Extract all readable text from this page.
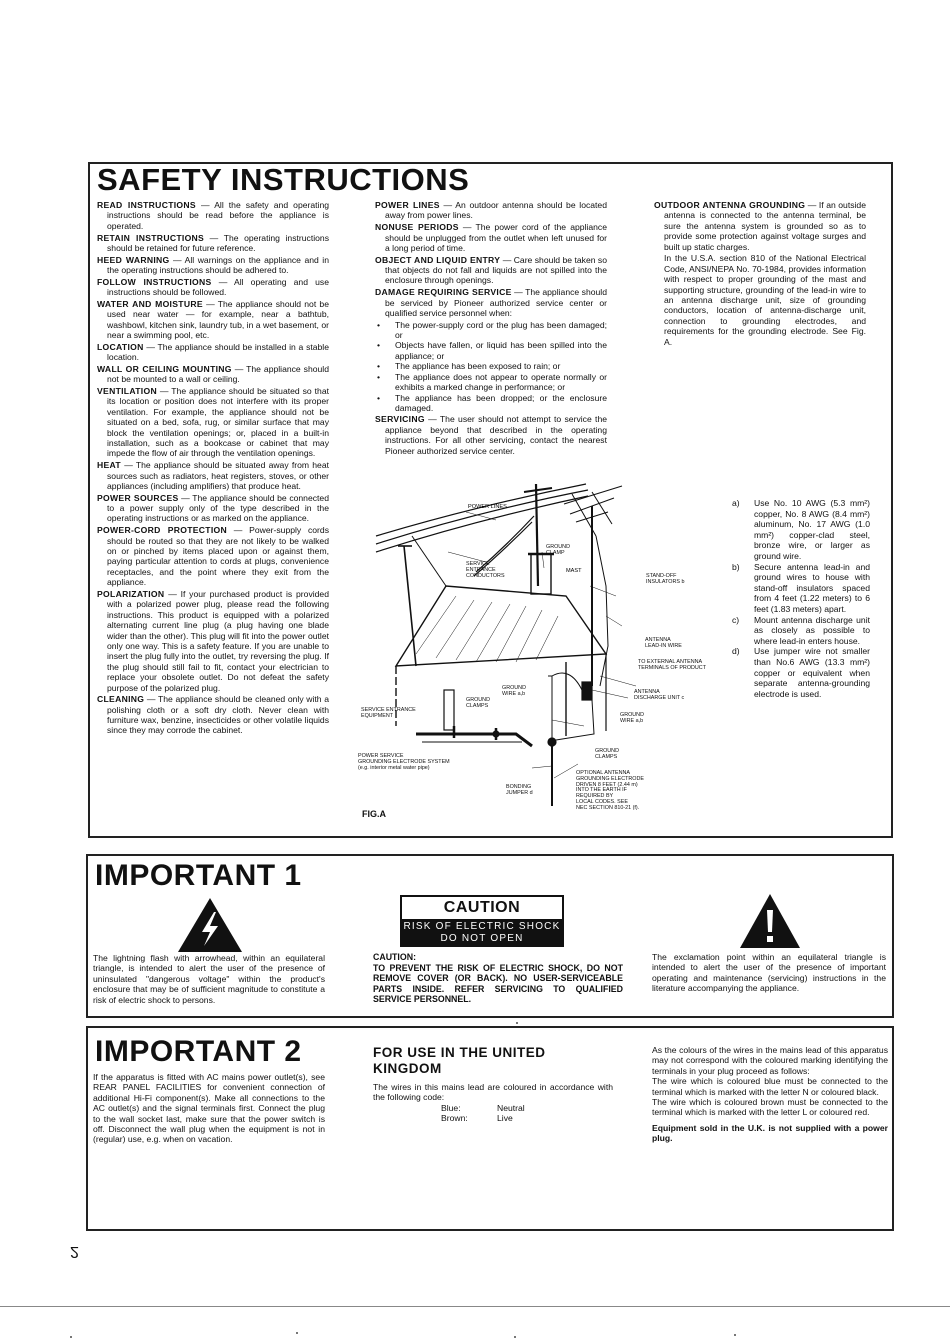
SAFETY INSTRUCTIONS
READ INSTRUCTIONS — All the safety and operating instructions should be read before the appliance is operated.
RETAIN INSTRUCTIONS — The operating instructions should be retained for future reference.
HEED WARNING — All warnings on the appliance and in the operating instructions should be adhered to.
FOLLOW INSTRUCTIONS — All operating and use instructions should be followed.
WATER AND MOISTURE — The appliance should not be used near water — for example, near a bathtub, washbowl, kitchen sink, laundry tub, in a wet basement, or near a swimming pool, etc.
LOCATION — The appliance should be installed in a stable location.
WALL OR CEILING MOUNTING — The appliance should not be mounted to a wall or ceiling.
VENTILATION — The appliance should be situated so that its location or position does not interfere with its proper ventilation. For example, the appliance should not be situated on a bed, sofa, rug, or similar surface that may block the ventilation openings; or, placed in a built-in installation, such as a bookcase or cabinet that may impede the flow of air through the ventilation openings.
HEAT — The appliance should be situated away from heat sources such as radiators, heat registers, stoves, or other appliances (including amplifiers) that produce heat.
POWER SOURCES — The appliance should be connected to a power supply only of the type described in the operating instructions or as marked on the appliance.
POWER-CORD PROTECTION — Power-supply cords should be routed so that they are not likely to be walked on or pinched by items placed upon or against them, paying particular attention to cords at plugs, convenience receptacles, and the point where they exit from the appliance.
POLARIZATION — If your purchased product is provided with a polarized power plug, please read the following instructions. This product is equipped with a polarized alternating current line plug (a plug having one blade wider than the other). This plug will fit into the power outlet only one way. This is a safety feature. If you are unable to insert the plug fully into the outlet, try reversing the plug. If the plug should still fail to fit, contact your electrician to replace your obsolete outlet. Do not defeat the safety purpose of the polarized plug.
CLEANING — The appliance should be cleaned only with a polishing cloth or a soft dry cloth. Never clean with furniture wax, benzine, insecticides or other volatile liquids since they may corrode the cabinet.
POWER LINES — An outdoor antenna should be located away from power lines.
NONUSE PERIODS — The power cord of the appliance should be unplugged from the outlet when left unused for a long period of time.
OBJECT AND LIQUID ENTRY — Care should be taken so that objects do not fall and liquids are not spilled into the enclosure through openings.
DAMAGE REQUIRING SERVICE — The appliance should be serviced by Pioneer authorized service center or qualified service personnel when:
• The power-supply cord or the plug has been damaged; or
• Objects have fallen, or liquid has been spilled into the appliance; or
• The appliance has been exposed to rain; or
• The appliance does not appear to operate normally or exhibits a marked change in performance; or
• The appliance has been dropped; or the enclosure damaged.
SERVICING — The user should not attempt to service the appliance beyond that described in the operating instructions. For all other servicing, contact the nearest Pioneer authorized service center.
OUTDOOR ANTENNA GROUNDING — If an outside antenna is connected to the antenna terminal, be sure the antenna system is grounded so as to provide some protection against voltage surges and built up static charges.
In the U.S.A. section 810 of the National Electrical Code, ANSI/NEPA No. 70-1984, provides information with respect to proper grounding of the mast and supporting structure, grounding of the lead-in wire to an antenna discharge unit, size of grounding conductors, location of antenna-discharge unit, connection to grounding electrodes, and requirements for the grounding electrode. See Fig. A.
POWER LINES
MAST
SERVICE
ENTRANCE
CONDUCTORS
GROUND
CLAMP
STAND-OFF
INSULATORS b
ANTENNA
LEAD-IN WIRE
TO EXTERNAL ANTENNA
TERMINALS OF PRODUCT
GROUND
WIRE a,b
GROUND
CLAMPS
ANTENNA
DISCHARGE UNIT c
GROUND
WIRE a,b
SERVICE ENTRANCE
EQUIPMENT
GROUND
CLAMPS
POWER SERVICE
GROUNDING ELECTRODE SYSTEM
(e.g. interior metal water pipe)
BONDING
JUMPER d
OPTIONAL ANTENNA
GROUNDING ELECTRODE
DRIVEN 8 FEET (2.44 m)
INTO THE EARTH IF
REQUIRED BY
LOCAL CODES. SEE
NEC SECTION 810-21 (f).
FIG.A
a)	Use No. 10 AWG (5.3 mm²) copper, No. 8 AWG (8.4 mm²) aluminum, No. 17 AWG (1.0 mm²) copper-clad steel, bronze wire, or larger as ground wire.
b)	Secure antenna lead-in and ground wires to house with stand-off insulators spaced from 4 feet (1.22 meters) to 6 feet (1.83 meters) apart.
c)	Mount antenna discharge unit as closely as possible to where lead-in enters house.
d)	Use jumper wire not smaller than No.6 AWG (13.3 mm²) copper or equivalent when separate antenna-grounding electrode is used.
IMPORTANT 1
The lightning flash with arrowhead, within an equilateral triangle, is intended to alert the user of the presence of uninsulated "dangerous voltage" within the product's enclosure that may be of sufficient magnitude to constitute a risk of electric shock to persons.
CAUTION
RISK OF ELECTRIC SHOCK
DO NOT OPEN
CAUTION:
TO PREVENT THE RISK OF ELECTRIC SHOCK, DO NOT REMOVE COVER (OR BACK). NO USER-SERVICEABLE PARTS INSIDE. REFER SERVICING TO QUALIFIED SERVICE PERSONNEL.
The exclamation point within an equilateral triangle is intended to alert the user of the presence of important operating and maintenance (servicing) instructions in the literature accompanying the appliance.
IMPORTANT 2
If the apparatus is fitted with AC mains power outlet(s), see REAR PANEL FACILITIES for convenient connection of additional Hi-Fi component(s). Make all connections to the AC outlet(s) and the signal terminals first. Connect the plug to the wall socket last, make sure that the power switch is off. Disconnect the wall plug when the equipment is not in (regular) use, e.g. when on vacation.
FOR USE IN THE UNITED KINGDOM
The wires in this mains lead are coloured in accordance with the following code:
Blue:	Neutral
Brown:	Live
As the colours of the wires in the mains lead of this apparatus may not correspond with the coloured marking identifying the terminals in your plug proceed as follows:
The wire which is coloured blue must be connected to the terminal which is marked with the letter N or coloured black.
The wire which is coloured brown must be connected to the terminal which is marked with the letter L or coloured red.
Equipment sold in the U.K. is not supplied with a power plug.
2
